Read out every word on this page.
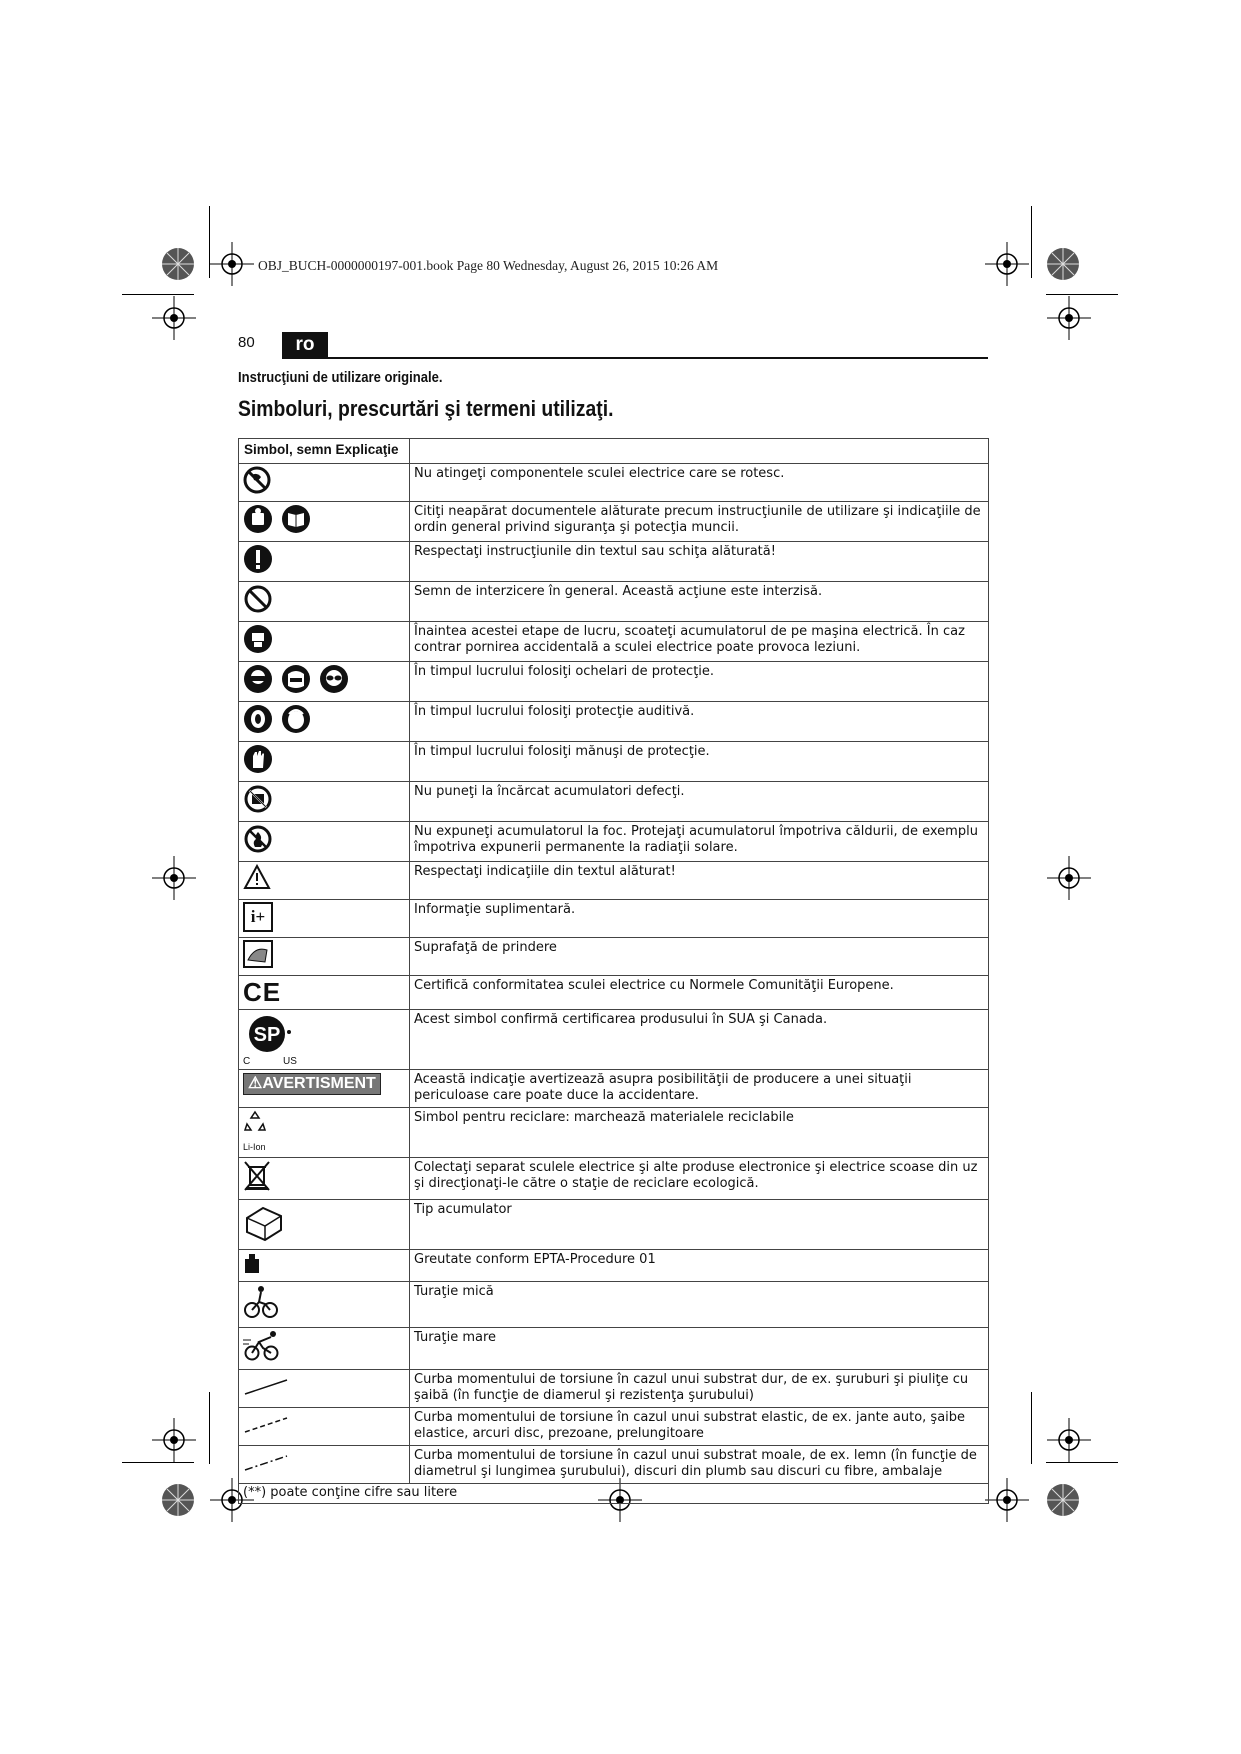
OBJ_BUCH-0000000197-001.book Page 80 Wednesday, August 26, 2015 10:26 AM
80	ro
Instrucţiuni de utilizare originale.
Simboluri, prescurtări şi termeni utilizaţi.
Simbol, semn Explicaţie	
	Nu atingeţi componentele sculei electrice care se rotesc.
	Citiţi neapărat documentele alăturate precum instrucţiunile de utilizare şi indicaţiile de ordin general privind siguranţa şi potecţia muncii.
	Respectaţi instrucţiunile din textul sau schiţa alăturată!
	Semn de interzicere în general. Această acţiune este interzisă.
	Înaintea acestei etape de lucru, scoateţi acumulatorul de pe maşina electrică. În caz contrar pornirea accidentală a sculei electrice poate provoca leziuni.
	În timpul lucrului folosiţi ochelari de protecţie.
	În timpul lucrului folosiţi protecţie auditivă.
	În timpul lucrului folosiţi mănuşi de protecţie.
	Nu puneţi la încărcat acumulatori defecţi.
	Nu expuneţi acumulatorul la foc. Protejaţi acumulatorul împotriva căldurii, de exemplu împotriva expunerii permanente la radiaţii solare.
	Respectaţi indicaţiile din textul alăturat!
i+	Informaţie suplimentară.
	Suprafaţă de prindere
CE	Certifică conformitatea sculei electrice cu Normele Comunităţii Europene.

SP
C US	Acest simbol confirmă certificarea produsului în SUA şi Canada.
⚠AVERTISMENT	Această indicaţie avertizează asupra posibilităţii de producere a unei situaţii periculoase care poate duce la accidentare.

Li-Ion	Simbol pentru reciclare: marchează materialele reciclabile
	Colectaţi separat sculele electrice şi alte produse electronice şi electrice scoase din uz şi direcţionaţi-le către o staţie de reciclare ecologică.
	Tip acumulator
	Greutate conform EPTA-Procedure 01
	Turaţie mică
	Turaţie mare
	Curba momentului de torsiune în cazul unui substrat dur, de ex. şuruburi şi piuliţe cu şaibă (în funcţie de diamerul şi rezistenţa şurubului)
	Curba momentului de torsiune în cazul unui substrat elastic, de ex. jante auto, şaibe elastice, arcuri disc, prezoane, prelungitoare
	Curba momentului de torsiune în cazul unui substrat moale, de ex. lemn (în funcţie de diametrul şi lungimea şurubului), discuri din plumb sau discuri cu fibre, ambalaje
(**) poate conţine cifre sau litere	
